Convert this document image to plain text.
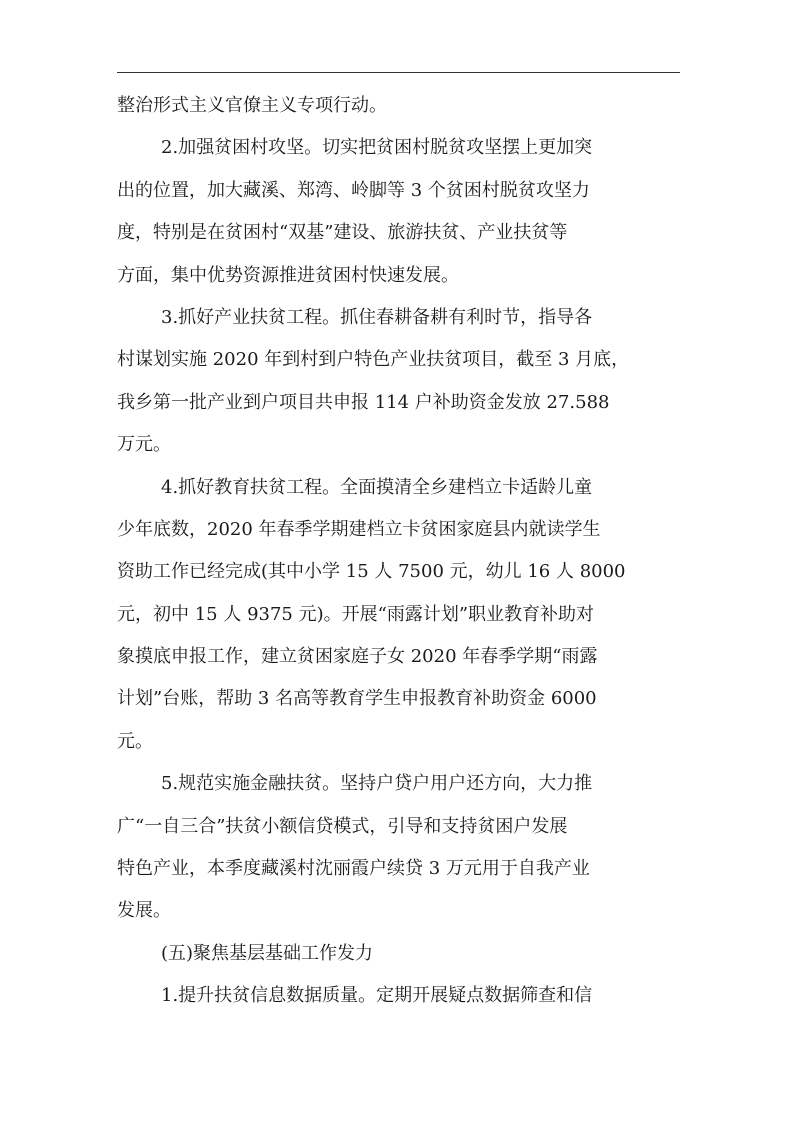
整治形式主义官僚主义专项行动。
2.加强贫困村攻坚。切实把贫困村脱贫攻坚摆上更加突
出的位置，加大藏溪、郑湾、岭脚等 3 个贫困村脱贫攻坚力
度，特别是在贫困村“双基”建设、旅游扶贫、产业扶贫等
方面，集中优势资源推进贫困村快速发展。
3.抓好产业扶贫工程。抓住春耕备耕有利时节，指导各
村谋划实施 2020 年到村到户特色产业扶贫项目，截至 3 月底，
我乡第一批产业到户项目共申报 114 户补助资金发放 27.588
万元。
4.抓好教育扶贫工程。全面摸清全乡建档立卡适龄儿童
少年底数，2020 年春季学期建档立卡贫困家庭县内就读学生
资助工作已经完成(其中小学 15 人 7500 元，幼儿 16 人 8000
元，初中 15 人 9375 元)。开展“雨露计划”职业教育补助对
象摸底申报工作，建立贫困家庭子女 2020 年春季学期“雨露
计划”台账，帮助 3 名高等教育学生申报教育补助资金 6000
元。
5.规范实施金融扶贫。坚持户贷户用户还方向，大力推
广“一自三合”扶贫小额信贷模式，引导和支持贫困户发展
特色产业，本季度藏溪村沈丽霞户续贷 3 万元用于自我产业
发展。
(五)聚焦基层基础工作发力
1.提升扶贫信息数据质量。定期开展疑点数据筛查和信
